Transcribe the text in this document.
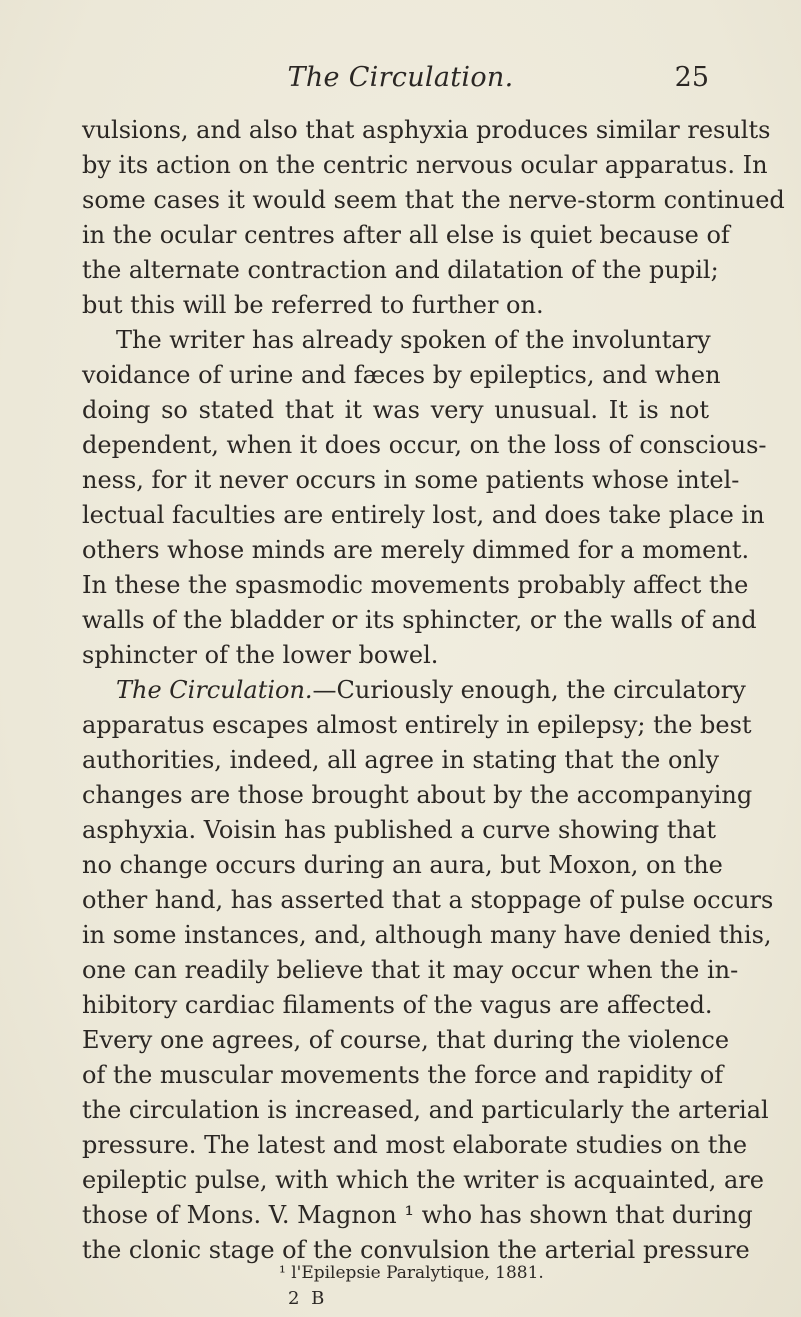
The Circulation.	25
vulsions, and also that asphyxia produces similar results
by its action on the centric nervous ocular apparatus. In
some cases it would seem that the nerve-storm continued
in the ocular centres after all else is quiet because of
the alternate contraction and dilatation of the pupil;
but this will be referred to further on.
The writer has already spoken of the involuntary
voidance of urine and fæces by epileptics, and when
doing so stated that it was very unusual. It is not
dependent, when it does occur, on the loss of conscious-
ness, for it never occurs in some patients whose intel-
lectual faculties are entirely lost, and does take place in
others whose minds are merely dimmed for a moment.
In these the spasmodic movements probably affect the
walls of the bladder or its sphincter, or the walls of and
sphincter of the lower bowel.
The Circulation.—Curiously enough, the circulatory
apparatus escapes almost entirely in epilepsy; the best
authorities, indeed, all agree in stating that the only
changes are those brought about by the accompanying
asphyxia. Voisin has published a curve showing that
no change occurs during an aura, but Moxon, on the
other hand, has asserted that a stoppage of pulse occurs
in some instances, and, although many have denied this,
one can readily believe that it may occur when the in-
hibitory cardiac filaments of the vagus are affected.
Every one agrees, of course, that during the violence
of the muscular movements the force and rapidity of
the circulation is increased, and particularly the arterial
pressure. The latest and most elaborate studies on the
epileptic pulse, with which the writer is acquainted, are
those of Mons. V. Magnon ¹ who has shown that during
the clonic stage of the convulsion the arterial pressure
¹ l'Epilepsie Paralytique, 1881.
2 B
